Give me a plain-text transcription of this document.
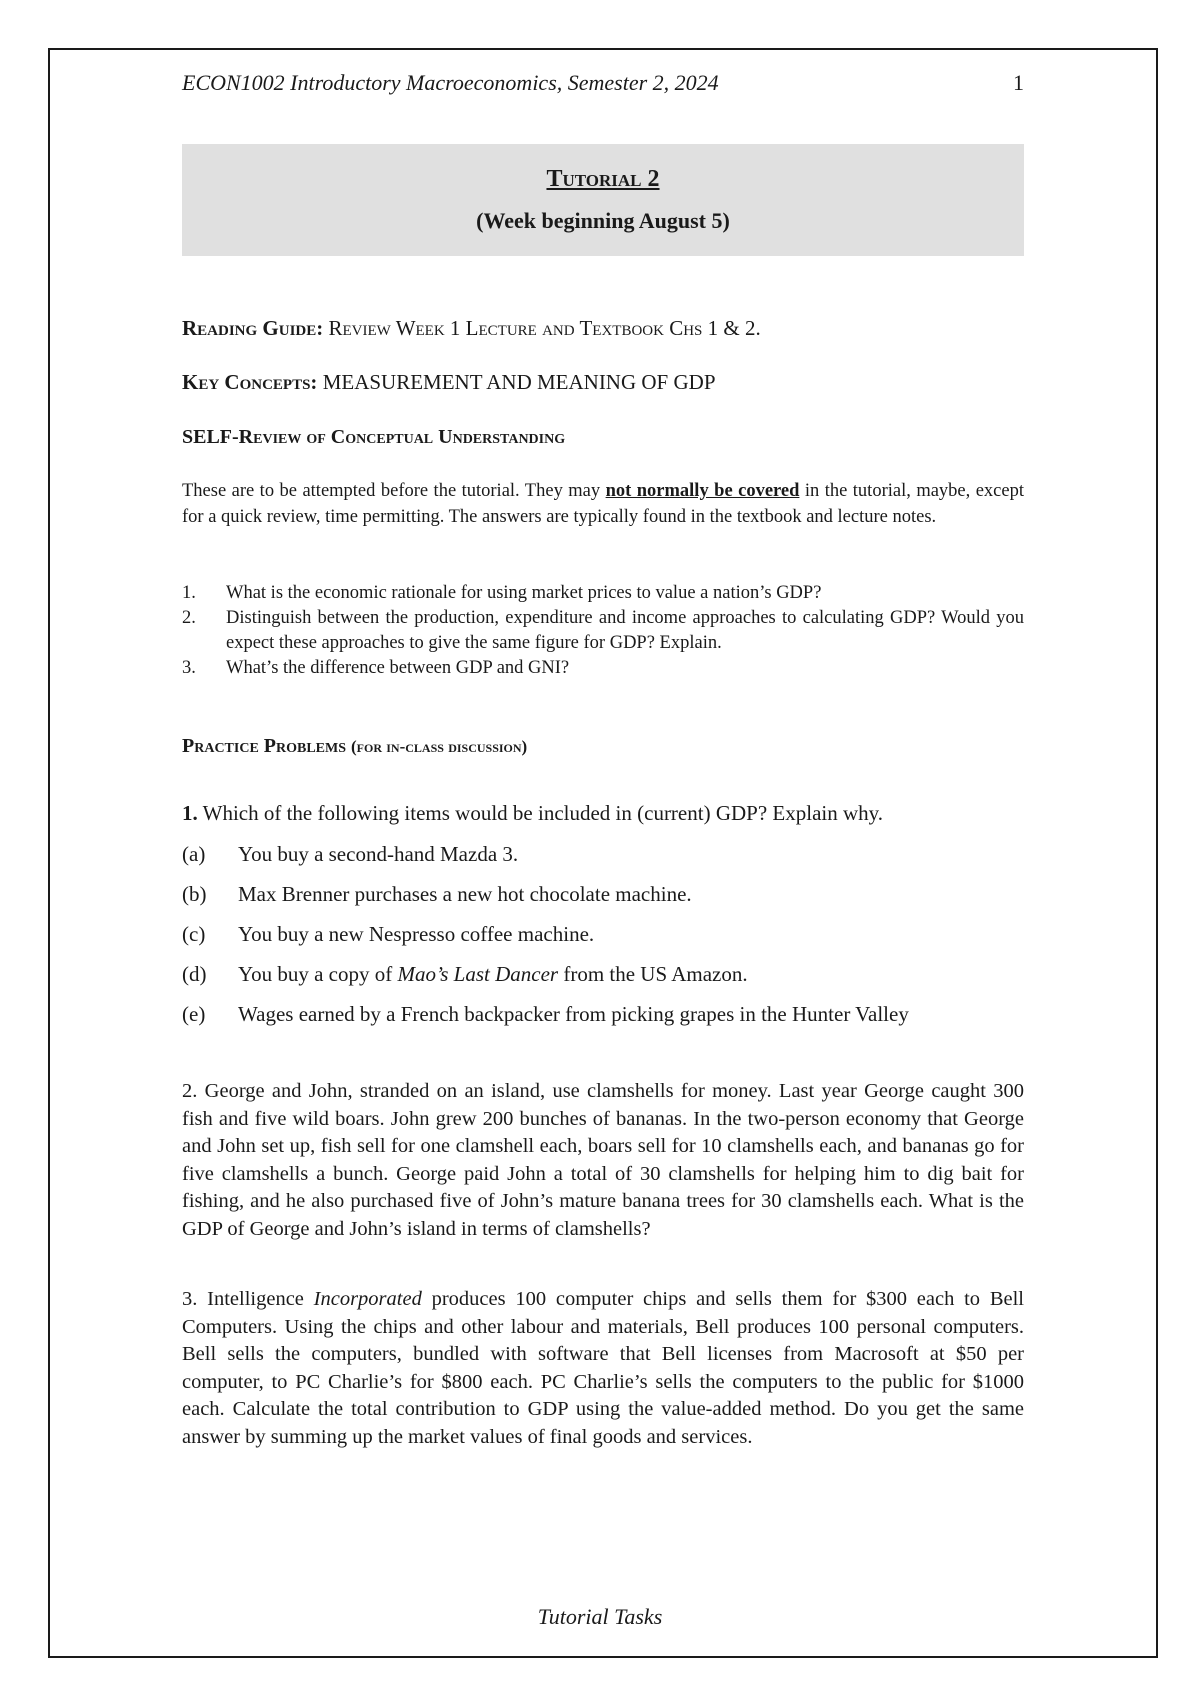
ECON1002 Introductory Macroeconomics, Semester 2, 2024	1
Tutorial 2
(Week beginning August 5)
Reading Guide: Review Week 1 Lecture and Textbook Chs 1 & 2.
Key Concepts: MEASUREMENT AND MEANING OF GDP
SELF-Review of Conceptual Understanding
These are to be attempted before the tutorial. They may not normally be covered in the tutorial, maybe, except for a quick review, time permitting. The answers are typically found in the textbook and lecture notes.
1. What is the economic rationale for using market prices to value a nation’s GDP?
2. Distinguish between the production, expenditure and income approaches to calculating GDP? Would you expect these approaches to give the same figure for GDP? Explain.
3. What’s the difference between GDP and GNI?
Practice Problems (for in-class discussion)
1. Which of the following items would be included in (current) GDP? Explain why.
(a) You buy a second-hand Mazda 3.
(b) Max Brenner purchases a new hot chocolate machine.
(c) You buy a new Nespresso coffee machine.
(d) You buy a copy of Mao’s Last Dancer from the US Amazon.
(e) Wages earned by a French backpacker from picking grapes in the Hunter Valley
2. George and John, stranded on an island, use clamshells for money. Last year George caught 300 fish and five wild boars. John grew 200 bunches of bananas. In the two-person economy that George and John set up, fish sell for one clamshell each, boars sell for 10 clamshells each, and bananas go for five clamshells a bunch. George paid John a total of 30 clamshells for helping him to dig bait for fishing, and he also purchased five of John’s mature banana trees for 30 clamshells each. What is the GDP of George and John’s island in terms of clamshells?
3. Intelligence Incorporated produces 100 computer chips and sells them for $300 each to Bell Computers. Using the chips and other labour and materials, Bell produces 100 personal computers. Bell sells the computers, bundled with software that Bell licenses from Macrosoft at $50 per computer, to PC Charlie’s for $800 each. PC Charlie’s sells the computers to the public for $1000 each. Calculate the total contribution to GDP using the value-added method. Do you get the same answer by summing up the market values of final goods and services.
Tutorial Tasks
